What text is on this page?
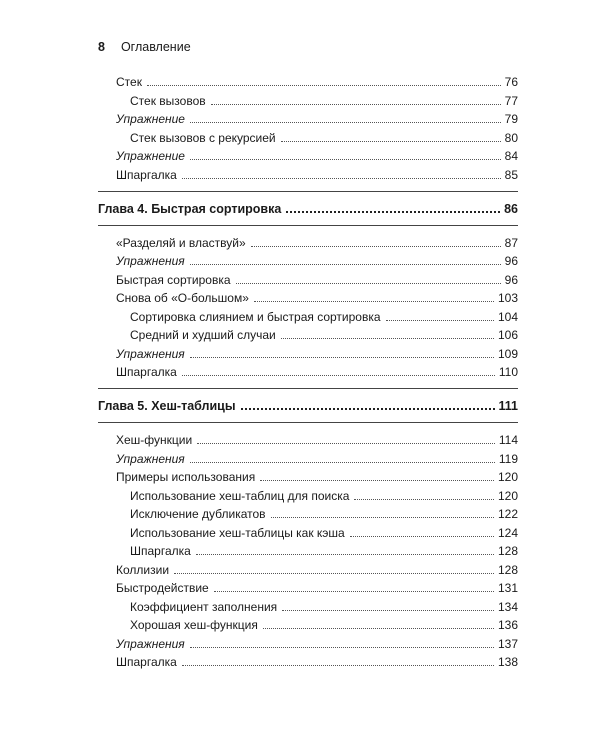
8 Оглавление
Стек	76
Стек вызовов	77
Упражнение	79
Стек вызовов с рекурсией	80
Упражнение	84
Шпаргалка	85
Глава 4. Быстрая сортировка	86
«Разделяй и властвуй»	87
Упражнения	96
Быстрая сортировка	96
Снова об «О-большом»	103
Сортировка слиянием и быстрая сортировка	104
Средний и худший случаи	106
Упражнения	109
Шпаргалка	110
Глава 5. Хеш-таблицы	111
Хеш-функции	114
Упражнения	119
Примеры использования	120
Использование хеш-таблиц для поиска	120
Исключение дубликатов	122
Использование хеш-таблицы как кэша	124
Шпаргалка	128
Коллизии	128
Быстродействие	131
Коэффициент заполнения	134
Хорошая хеш-функция	136
Упражнения	137
Шпаргалка	138
